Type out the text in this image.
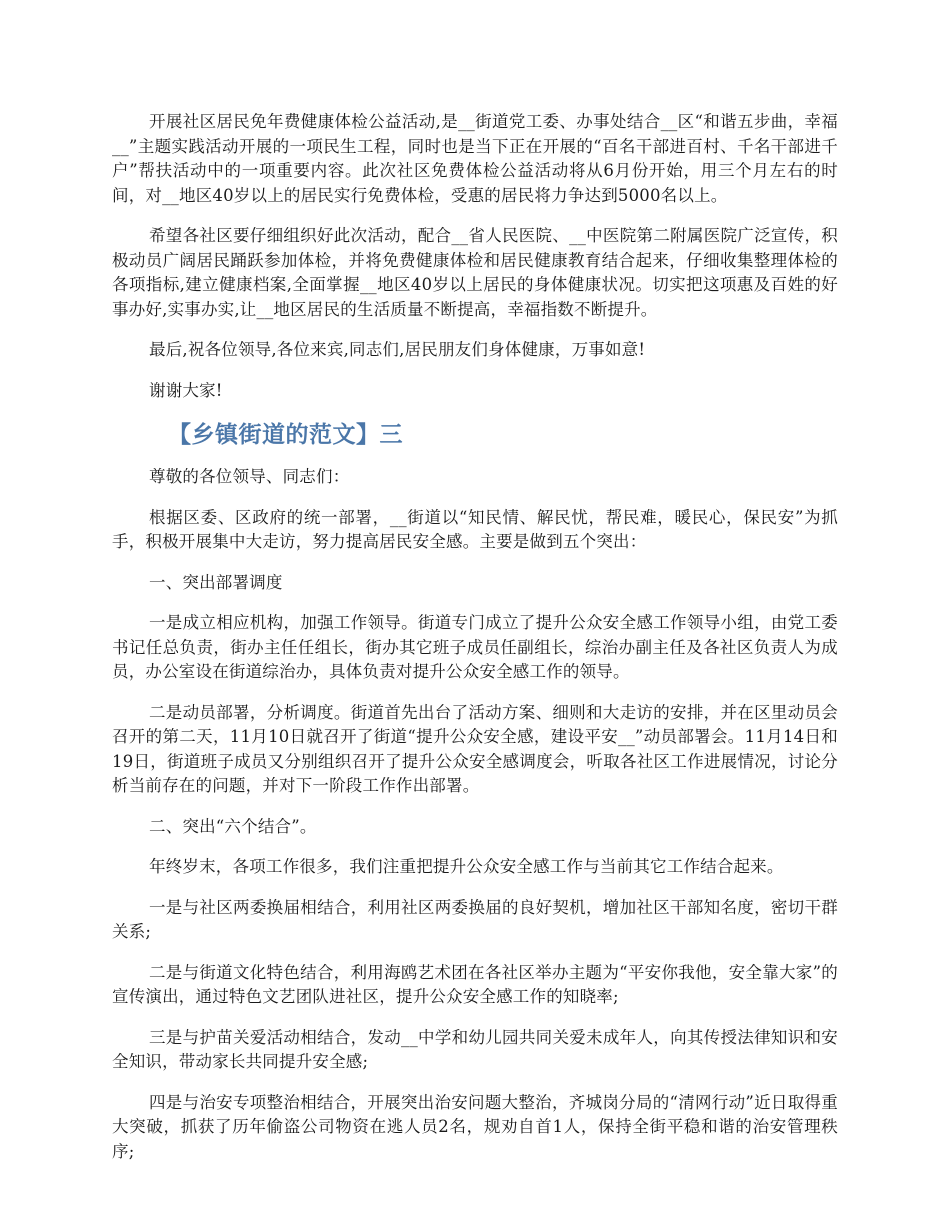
开展社区居民免年费健康体检公益活动,是__街道党工委、办事处结合__区“和谐五步曲，幸福__”主题实践活动开展的一项民生工程，同时也是当下正在开展的“百名干部进百村、千名干部进千户”帮扶活动中的一项重要内容。此次社区免费体检公益活动将从6月份开始，用三个月左右的时间，对__地区40岁以上的居民实行免费体检，受惠的居民将力争达到5000名以上。

希望各社区要仔细组织好此次活动，配合__省人民医院、__中医院第二附属医院广泛宣传，积极动员广阔居民踊跃参加体检，并将免费健康体检和居民健康教育结合起来，仔细收集整理体检的各项指标,建立健康档案,全面掌握__地区40岁以上居民的身体健康状况。切实把这项惠及百姓的好事办好,实事办实,让__地区居民的生活质量不断提高，幸福指数不断提升。

最后,祝各位领导,各位来宾,同志们,居民朋友们身体健康，万事如意!

谢谢大家!

【乡镇街道的范文】三

尊敬的各位领导、同志们：

根据区委、区政府的统一部署，__街道以“知民情、解民忧，帮民难，暖民心，保民安”为抓手，积极开展集中大走访，努力提高居民安全感。主要是做到五个突出：

一、突出部署调度

一是成立相应机构，加强工作领导。街道专门成立了提升公众安全感工作领导小组，由党工委书记任总负责，街办主任任组长，街办其它班子成员任副组长，综治办副主任及各社区负责人为成员，办公室设在街道综治办，具体负责对提升公众安全感工作的领导。

二是动员部署，分析调度。街道首先出台了活动方案、细则和大走访的安排，并在区里动员会召开的第二天，11月10日就召开了街道“提升公众安全感，建设平安__”动员部署会。11月14日和19日，街道班子成员又分别组织召开了提升公众安全感调度会，听取各社区工作进展情况，讨论分析当前存在的问题，并对下一阶段工作作出部署。

二、突出“六个结合”。

年终岁末，各项工作很多，我们注重把提升公众安全感工作与当前其它工作结合起来。

一是与社区两委换届相结合，利用社区两委换届的良好契机，增加社区干部知名度，密切干群关系;

二是与街道文化特色结合，利用海鸥艺术团在各社区举办主题为“平安你我他，安全靠大家”的宣传演出，通过特色文艺团队进社区，提升公众安全感工作的知晓率;

三是与护苗关爱活动相结合，发动__中学和幼儿园共同关爱未成年人，向其传授法律知识和安全知识，带动家长共同提升安全感;

四是与治安专项整治相结合，开展突出治安问题大整治，齐城岗分局的“清网行动”近日取得重大突破，抓获了历年偷盗公司物资在逃人员2名，规劝自首1人，保持全街平稳和谐的治安管理秩序;
